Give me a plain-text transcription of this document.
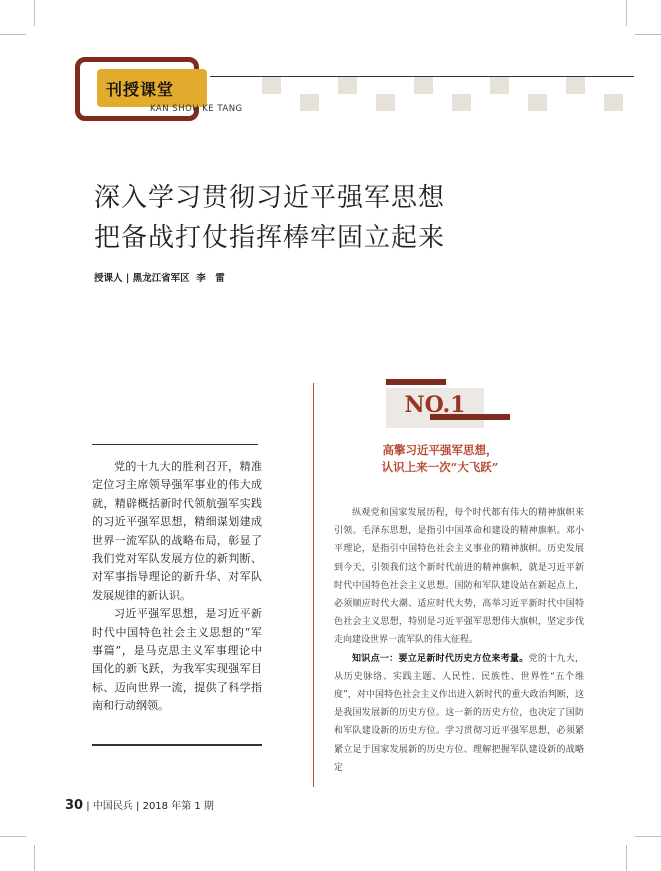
刊授课堂
KAN SHOU KE TANG
深入学习贯彻习近平强军思想
把备战打仗指挥棒牢固立起来
授课人 | 黑龙江省军区 李　雷

党的十九大的胜利召开，精准定位习主席领导强军事业的伟大成就，精辟概括新时代领航强军实践的习近平强军思想，精细谋划建成世界一流军队的战略布局，彰显了我们党对军队发展方位的新判断、对军事指导理论的新升华、对军队发展规律的新认识。

习近平强军思想，是习近平新时代中国特色社会主义思想的“军事篇”，是马克思主义军事理论中国化的新飞跃，为我军实现强军目标、迈向世界一流，提供了科学指南和行动纲领。

NO.1
高擎习近平强军思想，
认识上来一次“大飞跃”

纵观党和国家发展历程，每个时代都有伟大的精神旗帜来引领。毛泽东思想，是指引中国革命和建设的精神旗帜。邓小平理论，是指引中国特色社会主义事业的精神旗帜。历史发展到今天，引领我们这个新时代前进的精神旗帜，就是习近平新时代中国特色社会主义思想。国防和军队建设站在新起点上，必须顺应时代大潮、适应时代大势，高举习近平新时代中国特色社会主义思想，特别是习近平强军思想伟大旗帜，坚定步伐走向建设世界一流军队的伟大征程。

知识点一：要立足新时代历史方位来考量。党的十九大，从历史脉络、实践主题、人民性、民族性、世界性“五个维度”，对中国特色社会主义作出进入新时代的重大政治判断，这是我国发展新的历史方位。这一新的历史方位，也决定了国防和军队建设新的历史方位。学习贯彻习近平强军思想，必须紧紧立足于国家发展新的历史方位、理解把握军队建设新的战略定

30 | 中国民兵 | 2018 年第 1 期
